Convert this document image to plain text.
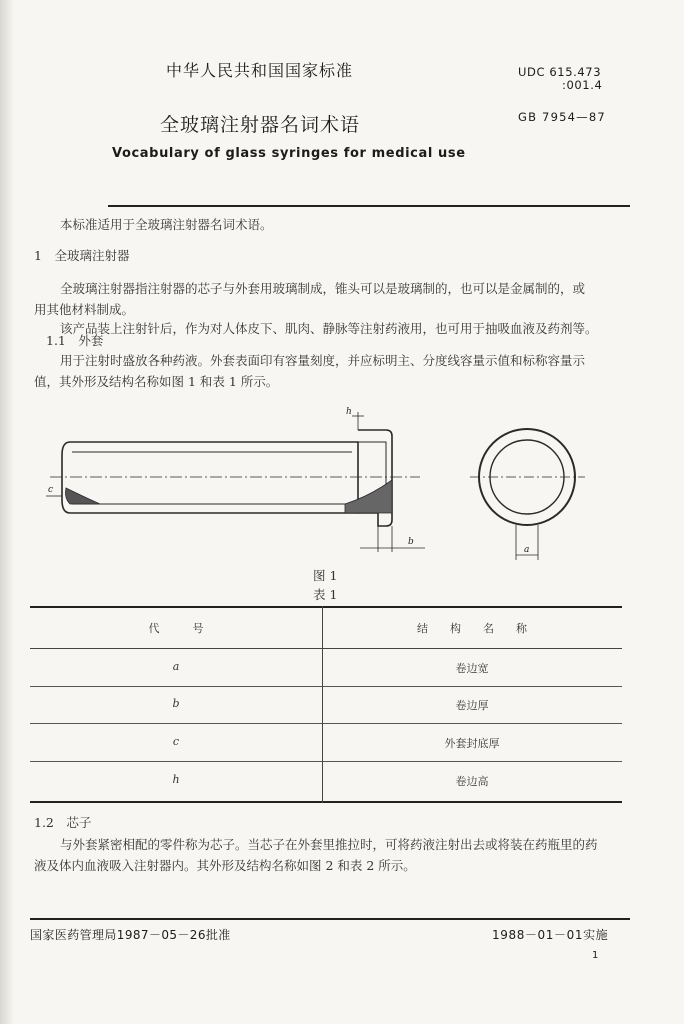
中华人民共和国国家标准
全玻璃注射器名词术语
Vocabulary of glass syringes for medical use
UDC 615.473
:001.4
GB 7954—87
本标准适用于全玻璃注射器名词术语。
1　全玻璃注射器
全玻璃注射器指注射器的芯子与外套用玻璃制成，锥头可以是玻璃制的，也可以是金属制的，或
用其他材料制成。
该产品装上注射针后，作为对人体皮下、肌肉、静脉等注射药液用，也可用于抽吸血液及药剂等。
1.1　外套
用于注射时盛放各种药液。外套表面印有容量刻度，并应标明主、分度线容量示值和标称容量示
值，其外形及结构名称如图 1 和表 1 所示。
h
c
b
a
图 1
表 1
代　　　号	结　　构　　名　　称
a	卷边宽
b	卷边厚
c	外套封底厚
h	卷边高
1.2　芯子
与外套紧密相配的零件称为芯子。当芯子在外套里推拉时，可将药液注射出去或将装在药瓶里的药
液及体内血液吸入注射器内。其外形及结构名称如图 2 和表 2 所示。
国家医药管理局1987－05－26批准	1988－01－01实施
1
